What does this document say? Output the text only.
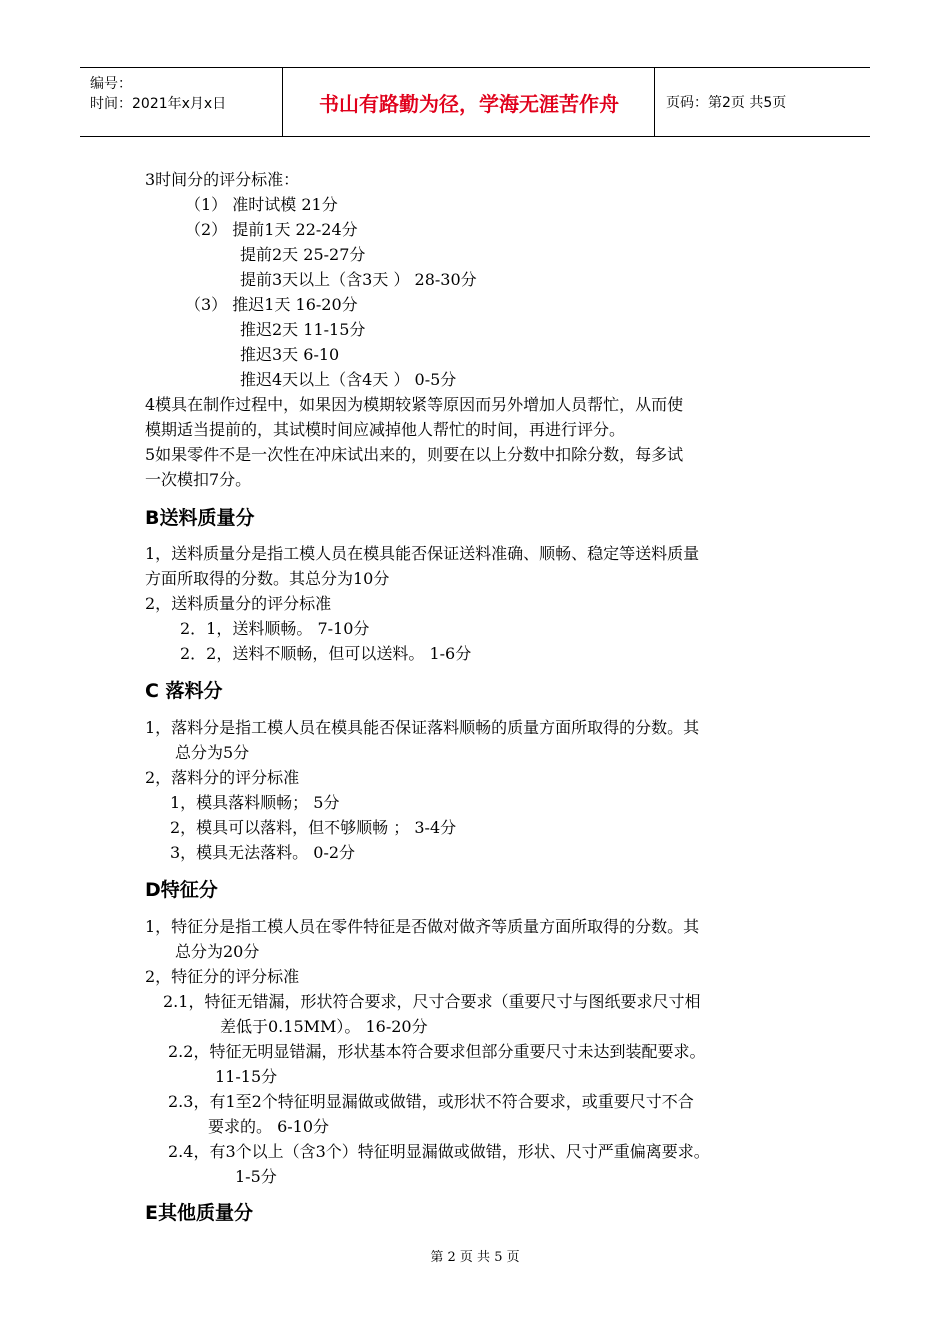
编号：
时间：2021年x月x日	书山有路勤为径，学海无涯苦作舟	页码：第2页 共5页
3时间分的评分标准：
（1） 准时试模 21分
（2） 提前1天 22-24分
提前2天 25-27分
提前3天以上（含3天 ） 28-30分
（3） 推迟1天 16-20分
推迟2天 11-15分
推迟3天 6-10
推迟4天以上（含4天 ） 0-5分
4模具在制作过程中，如果因为模期较紧等原因而另外增加人员帮忙，从而使
模期适当提前的，其试模时间应减掉他人帮忙的时间，再进行评分。
5如果零件不是一次性在冲床试出来的，则要在以上分数中扣除分数，每多试
一次模扣7分。
B送料质量分
1，送料质量分是指工模人员在模具能否保证送料准确、顺畅、稳定等送料质量
方面所取得的分数。其总分为10分
2，送料质量分的评分标准
2．1，送料顺畅。 7-10分
2．2，送料不顺畅，但可以送料。 1-6分
C 落料分
1，落料分是指工模人员在模具能否保证落料顺畅的质量方面所取得的分数。其
总分为5分
2，落料分的评分标准
1，模具落料顺畅； 5分
2，模具可以落料，但不够顺畅 ； 3-4分
3，模具无法落料。 0-2分
D特征分
1，特征分是指工模人员在零件特征是否做对做齐等质量方面所取得的分数。其
总分为20分
2，特征分的评分标准
2.1，特征无错漏，形状符合要求，尺寸合要求（重要尺寸与图纸要求尺寸相
差低于0.15MM）。 16-20分
2.2，特征无明显错漏，形状基本符合要求但部分重要尺寸未达到装配要求。
11-15分
2.3，有1至2个特征明显漏做或做错，或形状不符合要求，或重要尺寸不合
要求的。 6-10分
2.4，有3个以上（含3个）特征明显漏做或做错，形状、尺寸严重偏离要求。
1-5分
E其他质量分
第 2 页 共 5 页
